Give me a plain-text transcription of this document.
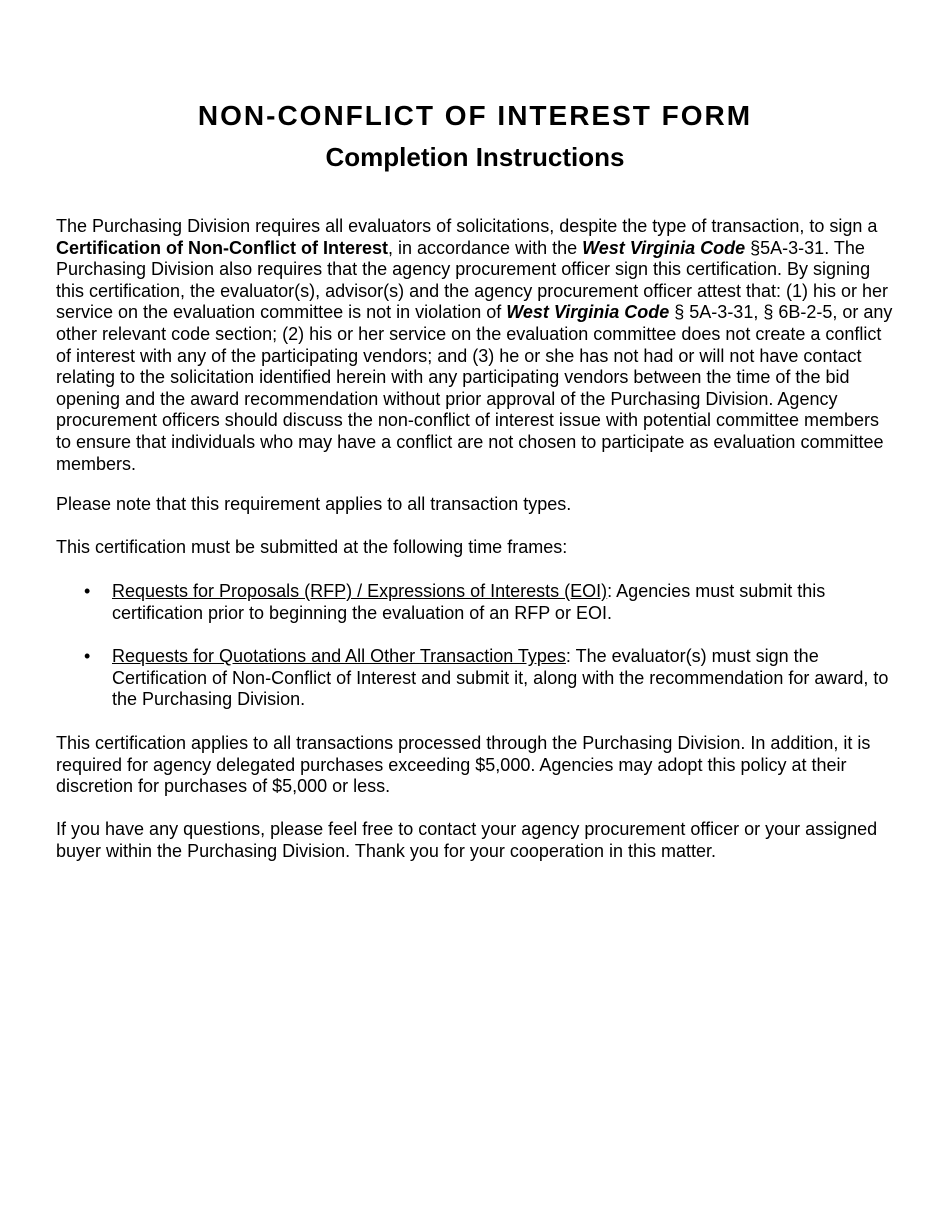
NON-CONFLICT OF INTEREST FORM
Completion Instructions

The Purchasing Division requires all evaluators of solicitations, despite the type of transaction, to sign a Certification of Non-Conflict of Interest, in accordance with the West Virginia Code §5A-3-31. The Purchasing Division also requires that the agency procurement officer sign this certification. By signing this certification, the evaluator(s), advisor(s) and the agency procurement officer attest that: (1) his or her service on the evaluation committee is not in violation of West Virginia Code § 5A-3-31, § 6B-2-5, or any other relevant code section; (2) his or her service on the evaluation committee does not create a conflict of interest with any of the participating vendors; and (3) he or she has not had or will not have contact relating to the solicitation identified herein with any participating vendors between the time of the bid opening and the award recommendation without prior approval of the Purchasing Division. Agency procurement officers should discuss the non-conflict of interest issue with potential committee members to ensure that individuals who may have a conflict are not chosen to participate as evaluation committee members.

Please note that this requirement applies to all transaction types.

This certification must be submitted at the following time frames:

• Requests for Proposals (RFP) / Expressions of Interests (EOI): Agencies must submit this certification prior to beginning the evaluation of an RFP or EOI.
• Requests for Quotations and All Other Transaction Types: The evaluator(s) must sign the Certification of Non-Conflict of Interest and submit it, along with the recommendation for award, to the Purchasing Division.

This certification applies to all transactions processed through the Purchasing Division. In addition, it is required for agency delegated purchases exceeding $5,000. Agencies may adopt this policy at their discretion for purchases of $5,000 or less.

If you have any questions, please feel free to contact your agency procurement officer or your assigned buyer within the Purchasing Division. Thank you for your cooperation in this matter.
